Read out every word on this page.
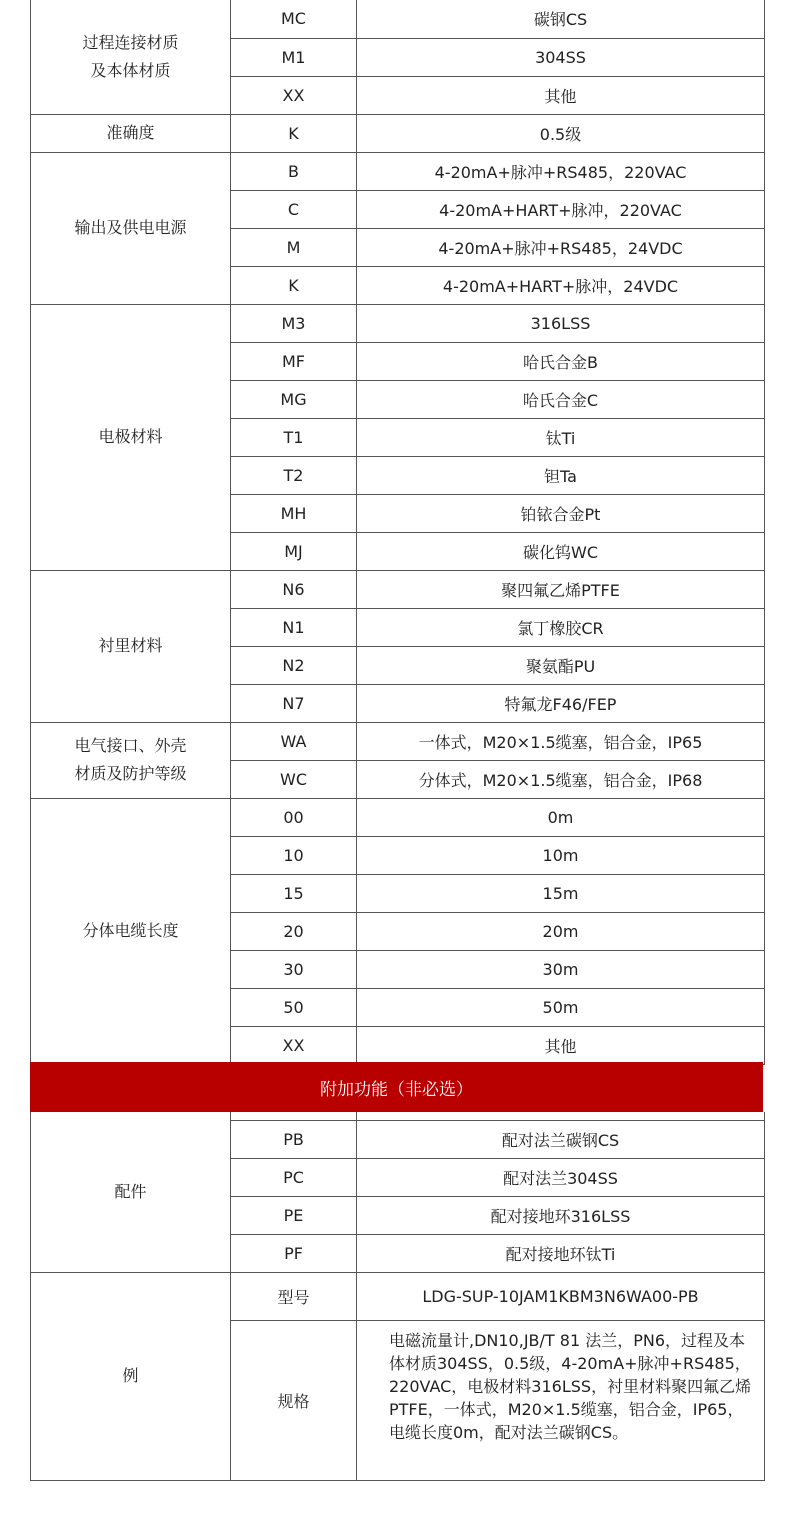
过程连接材质
及本体材质	MC	碳钢CS
	M1	304SS
	XX	其他
准确度	K	0.5级
输出及供电电源	B	4-20mA+脉冲+RS485，220VAC
	C	4-20mA+HART+脉冲，220VAC
	M	4-20mA+脉冲+RS485，24VDC
	K	4-20mA+HART+脉冲，24VDC
电极材料	M3	316LSS
	MF	哈氏合金B
	MG	哈氏合金C
	T1	钛Ti
	T2	钽Ta
	MH	铂铱合金Pt
	MJ	碳化钨WC
衬里材料	N6	聚四氟乙烯PTFE
	N1	氯丁橡胶CR
	N2	聚氨酯PU
	N7	特氟龙F46/FEP
电气接口、外壳
材质及防护等级	WA	一体式，M20×1.5缆塞，铝合金，IP65
	WC	分体式，M20×1.5缆塞，铝合金，IP68
分体电缆长度	00	0m
	10	10m
	15	15m
	20	20m
	30	30m
	50	50m
	XX	其他
附加功能（非必选）
配件		
	PB	配对法兰碳钢CS
	PC	配对法兰304SS
	PE	配对接地环316LSS
	PF	配对接地环钛Ti
例	型号	LDG-SUP-10JAM1KBM3N6WA00-PB
	规格	电磁流量计,DN10,JB/T 81 法兰，PN6，过程及本体材质304SS，0.5级，4-20mA+脉冲+RS485，220VAC，电极材料316LSS，衬里材料聚四氟乙烯PTFE，一体式，M20×1.5缆塞，铝合金，IP65，电缆长度0m，配对法兰碳钢CS。
